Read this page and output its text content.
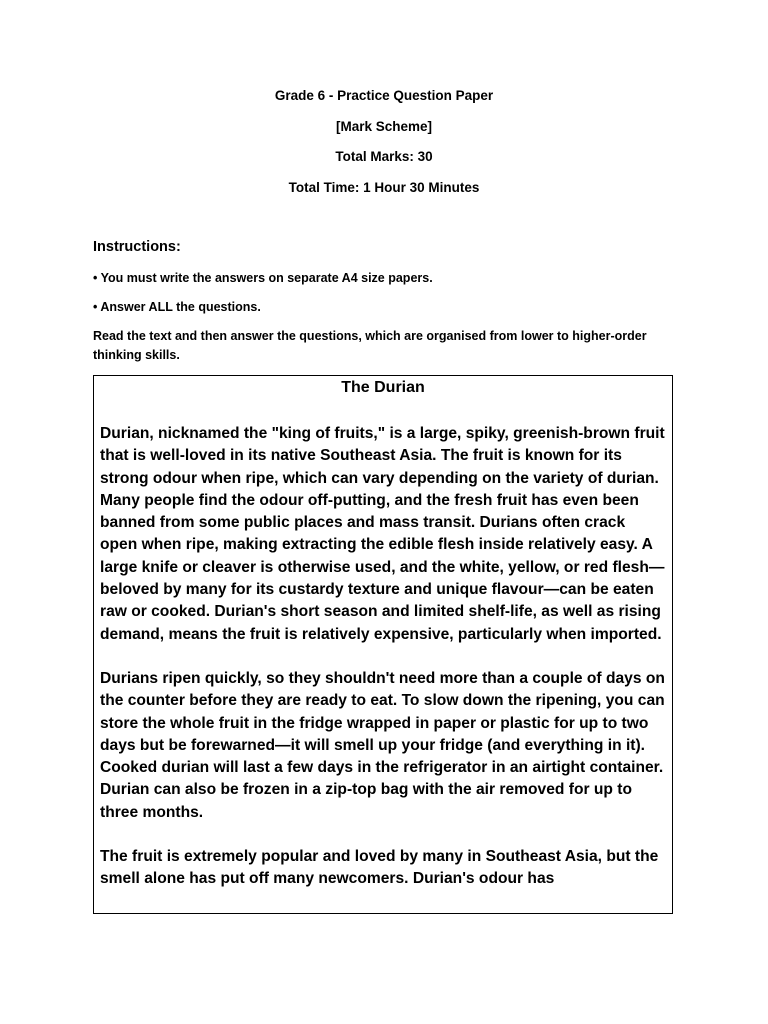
Grade 6 - Practice Question Paper
[Mark Scheme]
Total Marks: 30
Total Time: 1 Hour 30 Minutes
Instructions:
• You must write the answers on separate A4 size papers.
• Answer ALL the questions.
Read the text and then answer the questions, which are organised from lower to higher-order thinking skills.
The Durian

Durian, nicknamed the "king of fruits," is a large, spiky, greenish-brown fruit that is well-loved in its native Southeast Asia. The fruit is known for its strong odour when ripe, which can vary depending on the variety of durian. Many people find the odour off-putting, and the fresh fruit has even been banned from some public places and mass transit. Durians often crack open when ripe, making extracting the edible flesh inside relatively easy. A large knife or cleaver is otherwise used, and the white, yellow, or red flesh—beloved by many for its custardy texture and unique flavour—can be eaten raw or cooked. Durian's short season and limited shelf-life, as well as rising demand, means the fruit is relatively expensive, particularly when imported.

Durians ripen quickly, so they shouldn't need more than a couple of days on the counter before they are ready to eat. To slow down the ripening, you can store the whole fruit in the fridge wrapped in paper or plastic for up to two days but be forewarned—it will smell up your fridge (and everything in it). Cooked durian will last a few days in the refrigerator in an airtight container. Durian can also be frozen in a zip-top bag with the air removed for up to three months.

The fruit is extremely popular and loved by many in Southeast Asia, but the smell alone has put off many newcomers. Durian's odour has
